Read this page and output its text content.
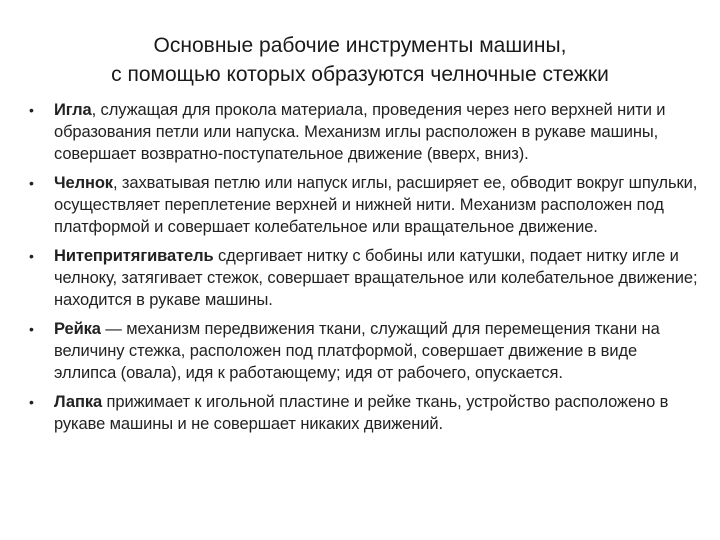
Основные рабочие инструменты машины,
с помощью которых образуются челночные стежки
• Игла, служащая для прокола материала, проведения через него верхней нити и образования петли или напуска. Механизм иглы расположен в рукаве машины, совершает возвратно-поступательное движение (вверх, вниз).
• Челнок, захватывая петлю или напуск иглы, расширяет ее, обводит вокруг шпульки, осуществляет переплетение верхней и нижней нити. Механизм расположен под платформой и совершает колебательное или вращательное движение.
• Нитепритягиватель сдергивает нитку с бобины или катушки, подает нитку игле и челноку, затягивает стежок, совершает вращательное или колебательное движение; находится в рукаве машины.
• Рейка — механизм передвижения ткани, служащий для перемещения ткани на величину стежка, расположен под платформой, совершает движение в виде эллипса (овала), идя к работающему; идя от рабочего, опускается.
• Лапка прижимает к игольной пластине и рейке ткань, устройство расположено в рукаве машины и не совершает никаких движений.
